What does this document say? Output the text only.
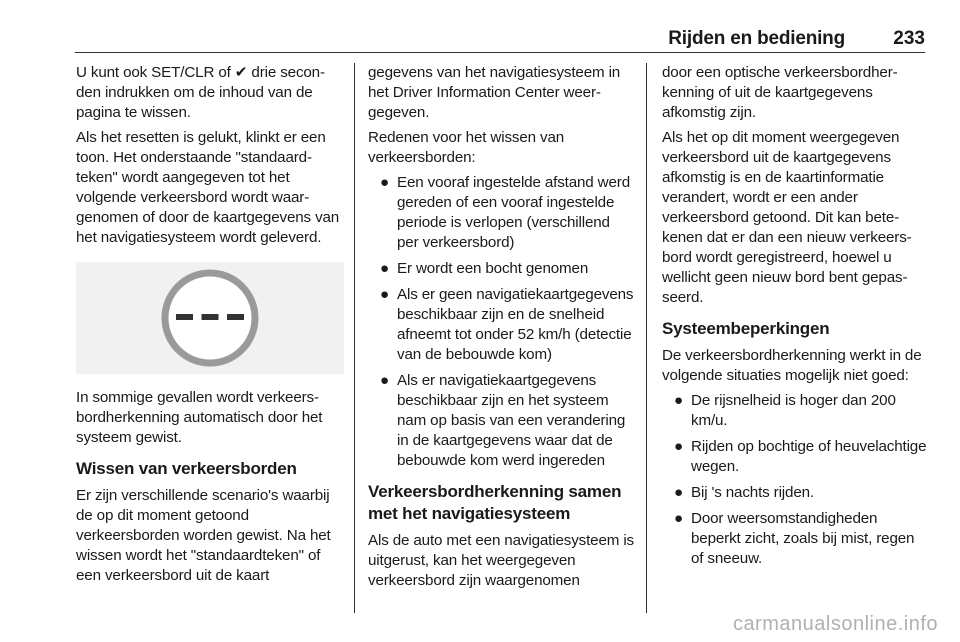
Rijden en bediening	233

U kunt ook SET/CLR of ✔ drie seconden indrukken om de inhoud van de pagina te wissen.

Als het resetten is gelukt, klinkt er een toon. Het onderstaande "standaardteken" wordt aangegeven tot het volgende verkeersbord wordt waargenomen of door de kaartgegevens van het navigatiesysteem wordt geleverd.

In sommige gevallen wordt verkeersbordherkenning automatisch door het systeem gewist.

Wissen van verkeersborden

Er zijn verschillende scenario's waarbij de op dit moment getoond verkeersborden worden gewist. Na het wissen wordt het "standaardteken" of een verkeersbord uit de kaart

gegevens van het navigatiesysteem in het Driver Information Center weergegeven.

Redenen voor het wissen van verkeersborden:

● Een vooraf ingestelde afstand werd gereden of een vooraf ingestelde periode is verlopen (verschillend per verkeersbord)
● Er wordt een bocht genomen
● Als er geen navigatiekaartgegevens beschikbaar zijn en de snelheid afneemt tot onder 52 km/h (detectie van de bebouwde kom)
● Als er navigatiekaartgegevens beschikbaar zijn en het systeem nam op basis van een verandering in de kaartgegevens waar dat de bebouwde kom werd ingereden
Verkeersbordherkenning samen met het navigatiesysteem

Als de auto met een navigatiesysteem is uitgerust, kan het weergegeven verkeersbord zijn waargenomen

door een optische verkeersbordherkenning of uit de kaartgegevens afkomstig zijn.

Als het op dit moment weergegeven verkeersbord uit de kaartgegevens afkomstig is en de kaartinformatie verandert, wordt er een ander verkeersbord getoond. Dit kan betekenen dat er dan een nieuw verkeersbord wordt geregistreerd, hoewel u wellicht geen nieuw bord bent gepasseerd.

Systeembeperkingen

De verkeersbordherkenning werkt in de volgende situaties mogelijk niet goed:

● De rijsnelheid is hoger dan 200 km/u.
● Rijden op bochtige of heuvelachtige wegen.
● Bij 's nachts rijden.
● Door weersomstandigheden beperkt zicht, zoals bij mist, regen of sneeuw.
carmanualsonline.info
